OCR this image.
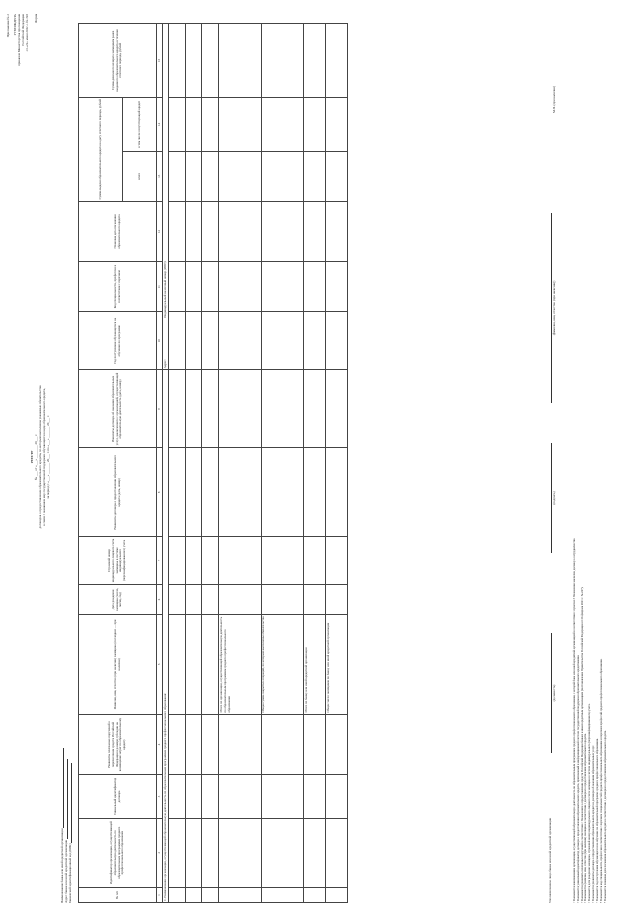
Приложение № 2 УТВЕРЖДЕНА приказом Министерства просвещения Российской Федерации
от «21» июня 2021 г. № 316 Форма
РЕЕСТР № ___ от «___» ________ 20___ г. договоров о предоставлении образовательного кредита, по которым выполнены указанные обязательства в связи с оказанием мер государственной поддержки обучающихся в виде образовательного кредита, за период с «___» _______ 20___ г. по «___» _______ 20___ г.
Наименование банка или иной кредитной организации Адрес банка или иной кредитной организации Банковский идентификационный код (БИК)	№ п/п	Идентификатор организации, осуществляющей образовательную деятельность по образовательным программам среднего профессионального образования	Уникальный идентификатор договора	Реквизиты платежных поручений о перечислении средств Российской Федерации в размере субсидии на возмещение затрат по образовательному кредиту	Фамилия, имя, отчество (при наличии) заемщика (последнее — при наличии)	Дата рождения заемщика (число, месяц, год)	Страховой номер индивидуального лицевого счета заемщика в системе индивидуального (персонифицированного) учета	Реквизиты договора о предоставлении образовательного кредита (дата, номер)	Реквизиты договора об оказании образовательных услуг, заключенного с организацией, осуществляющей образовательную деятельность (дата, номер)	Год поступления обучающегося на обучение по программе	Код специальности, профессии в соответствии с перечнем	Плановая дата погашения образовательного кредита	Сумма выдачи образовательного кредита на дату отчетного периода, рублей		Сумма денежного возврата заемщиком ранее выданного образовательного кредита в течение отчетного периода, рублей
												всего	в том числе сопутствующий кредит	
1	2	3	4	5	6	7	8	9	10	11	12	13	14	15
1. Наименование организации, осуществляющей образовательную деятельность по образовательным программам среднего профессионального образования:									Адрес:  Индивидуальный налоговый номер (ИНН):					

				Итого по организации, осуществляющей образовательную деятельность по образовательным программам среднего профессионального образования										
				Общая сумма закрытых операций, по которым выполнены обязательства										
				Итого по банку или иной кредитной организации										
				Общее число заемщиков по банку или иной кредитной организации										
Уполномоченное лицо банка или иной кредитной организации
(должность)
(подпись)
(фамилия, имя, отчество (при наличии))
М.П. (при наличии)

¹ Указывается наименование организации, осуществляющей образовательную деятельность по образовательным программам среднего профессионального образования, с которой банк или иной кредитной организацией в соответствии с пунктом 3 Положения заключен договор о сотрудничестве. ² Указывается уникальный идентификатор договора о предоставлении образовательного кредита, присвоенный в информационной системе государственной поддержки образовательного кредитования. ³ Указываются реквизиты платежных поручений в соответствии с Положением о предоставлении средств Российской Федерации банкам и иным кредитным организациям (постановление Правительства Российской Федерации от 26 февраля 2021 г. № 247). ⁴ Указываются фамилия, имя, отчество (при наличии) заемщика в соответствии с договором о предоставлении образовательного кредита. ⁵ Указывается дата рождения заемщика, страховой номер индивидуального лицевого счета заемщика в системе индивидуального (персонифицированного) учета. ⁶ Указываются реквизиты договора о предоставлении образовательного кредита и договора об оказании образовательных услуг. ⁷ Указывается год поступления обучающегося на обучение по образовательной программе среднего профессионального образования. ⁸ Указывается код специальности, профессии в соответствии с перечнем специальностей среднего профессионального образования и перечнем профессий среднего профессионального образования. ⁹ Указывается плановая дата погашения образовательного кредита в соответствии с договором о предоставлении образовательного кредита.
